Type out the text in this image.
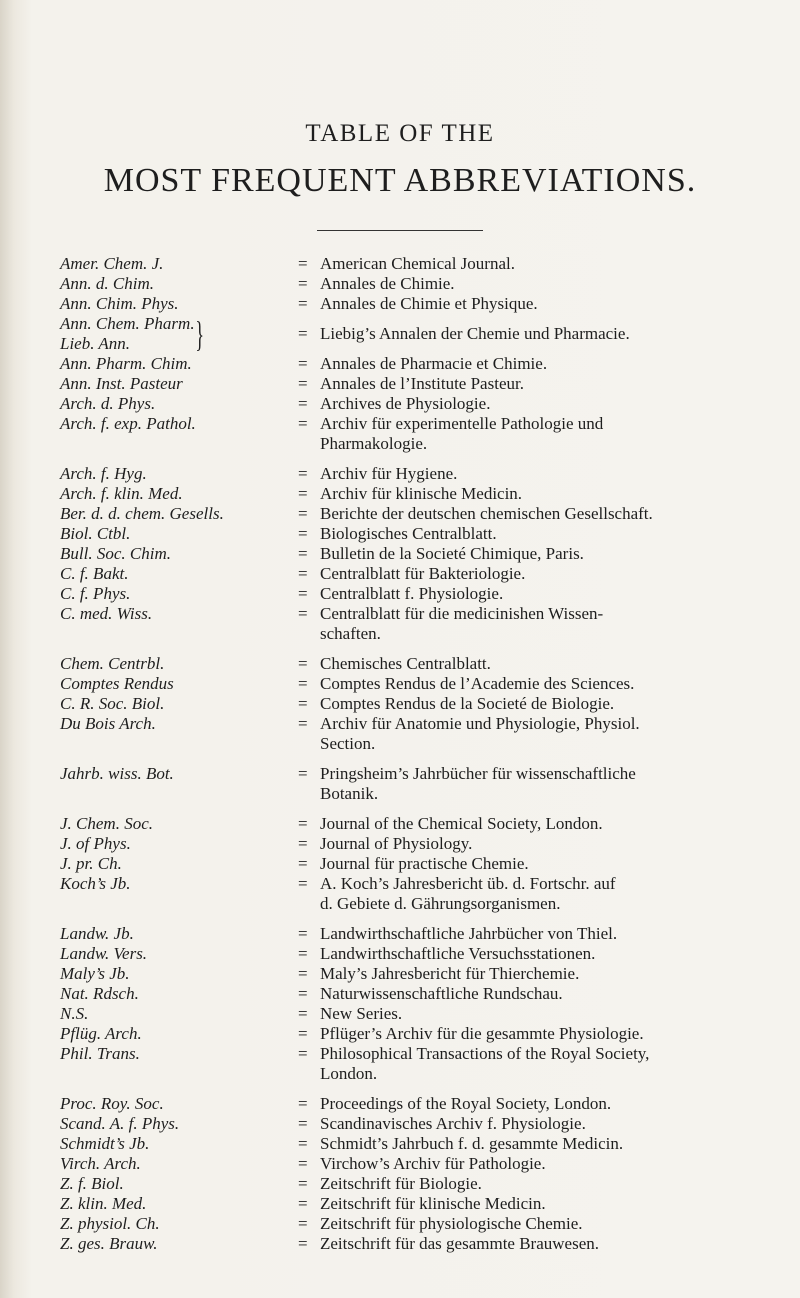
TABLE OF THE
MOST FREQUENT ABBREVIATIONS.
Amer. Chem. J.	= American Chemical Journal.
Ann. d. Chim.	= Annales de Chimie.
Ann. Chim. Phys.	= Annales de Chimie et Physique.
Ann. Chem. Pharm.
Lieb. Ann.	}	= Liebig’s Annalen der Chemie und Pharmacie.
Ann. Pharm. Chim.	= Annales de Pharmacie et Chimie.
Ann. Inst. Pasteur	= Annales de l’Institute Pasteur.
Arch. d. Phys.	= Archives de Physiologie.
Arch. f. exp. Pathol.	= Archiv für experimentelle Pathologie und
Pharmakologie.
Arch. f. Hyg.	= Archiv für Hygiene.
Arch. f. klin. Med.	= Archiv für klinische Medicin.
Ber. d. d. chem. Gesells.	= Berichte der deutschen chemischen Gesellschaft.
Biol. Ctbl.	= Biologisches Centralblatt.
Bull. Soc. Chim.	= Bulletin de la Societé Chimique, Paris.
C. f. Bakt.	= Centralblatt für Bakteriologie.
C. f. Phys.	= Centralblatt f. Physiologie.
C. med. Wiss.	= Centralblatt für die medicinishen Wissen-
schaften.
Chem. Centrbl.	= Chemisches Centralblatt.
Comptes Rendus	= Comptes Rendus de l’Academie des Sciences.
C. R. Soc. Biol.	= Comptes Rendus de la Societé de Biologie.
Du Bois Arch.	= Archiv für Anatomie und Physiologie, Physiol.
Section.
Jahrb. wiss. Bot.	= Pringsheim’s Jahrbücher für wissenschaftliche
Botanik.
J. Chem. Soc.	= Journal of the Chemical Society, London.
J. of Phys.	= Journal of Physiology.
J. pr. Ch.	= Journal für practische Chemie.
Koch’s Jb.	= A. Koch’s Jahresbericht üb. d. Fortschr. auf
d. Gebiete d. Gährungsorganismen.
Landw. Jb.	= Landwirthschaftliche Jahrbücher von Thiel.
Landw. Vers.	= Landwirthschaftliche Versuchsstationen.
Maly’s Jb.	= Maly’s Jahresbericht für Thierchemie.
Nat. Rdsch.	= Naturwissenschaftliche Rundschau.
N.S.	= New Series.
Pflüg. Arch.	= Pflüger’s Archiv für die gesammte Physiologie.
Phil. Trans.	= Philosophical Transactions of the Royal Society,
London.
Proc. Roy. Soc.	= Proceedings of the Royal Society, London.
Scand. A. f. Phys.	= Scandinavisches Archiv f. Physiologie.
Schmidt’s Jb.	= Schmidt’s Jahrbuch f. d. gesammte Medicin.
Virch. Arch.	= Virchow’s Archiv für Pathologie.
Z. f. Biol.	= Zeitschrift für Biologie.
Z. klin. Med.	= Zeitschrift für klinische Medicin.
Z. physiol. Ch.	= Zeitschrift für physiologische Chemie.
Z. ges. Brauw.	= Zeitschrift für das gesammte Brauwesen.
